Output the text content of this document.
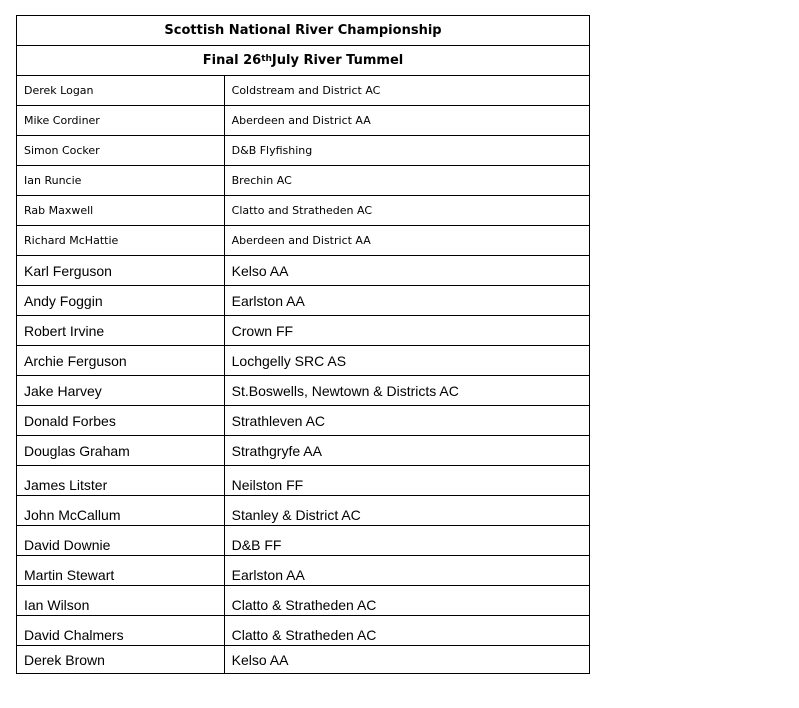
Scottish National River Championship
Final 26th July River Tummel
Derek Logan	Coldstream and District AC
Mike Cordiner	Aberdeen and District AA
Simon Cocker	D&B Flyfishing
Ian Runcie	Brechin AC
Rab Maxwell	Clatto and Stratheden AC
Richard McHattie	Aberdeen and District AA
Karl Ferguson	Kelso AA
Andy Foggin	Earlston AA
Robert Irvine	Crown FF
Archie Ferguson	Lochgelly SRC AS
Jake Harvey	St.Boswells, Newtown & Districts AC
Donald Forbes	Strathleven AC
Douglas Graham	Strathgryfe AA
James Litster	Neilston FF
John McCallum	Stanley & District AC
David Downie	D&B FF
Martin Stewart	Earlston AA
Ian Wilson	Clatto & Stratheden AC
David Chalmers	Clatto & Stratheden AC
Derek Brown	Kelso AA
